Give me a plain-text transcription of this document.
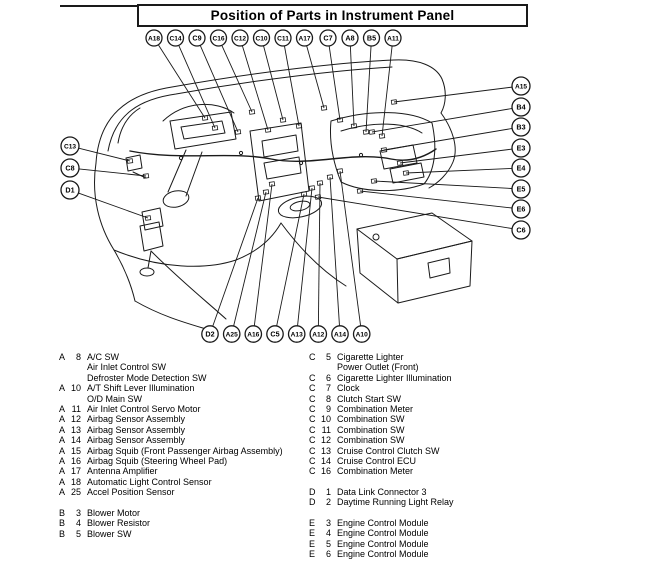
Position of Parts in Instrument Panel
A18 C14 C9 C16 C12 C10 C11 A17 C7 A8 B5 A11
A15
B4
B3
E3
E4
E5
E6
C6
C13
C8
D1
D2 A25 A16 C5 A13 A12 A14 A10
A	8 A/C SW
Air Inlet Control SW
Defroster Mode Detection SW
A 10 A/T Shift Lever Illumination
O/D Main SW
A 11 Air Inlet Control Servo Motor
A 12 Airbag Sensor Assembly
A 13 Airbag Sensor Assembly
A 14 Airbag Sensor Assembly
A 15 Airbag Squib (Front Passenger Airbag Assembly)
A 16 Airbag Squib (Steering Wheel Pad)
A 17 Antenna Amplifier
A 18 Automatic Light Control Sensor
A 25 Accel Position Sensor
B	3 Blower Motor
B	4 Blower Resistor
B	5 Blower SW
C	5 Cigarette Lighter
Power Outlet (Front)
C	6 Cigarette Lighter Illumination
C	7 Clock
C	8 Clutch Start SW
C	9 Combination Meter
C 10 Combination SW
C 11 Combination SW
C 12 Combination SW
C 13 Cruise Control Clutch SW
C 14 Cruise Control ECU
C 16 Combination Meter
D	1 Data Link Connector 3
D	2 Daytime Running Light Relay
E	3 Engine Control Module
E	4 Engine Control Module
E	5 Engine Control Module
E	6 Engine Control Module
